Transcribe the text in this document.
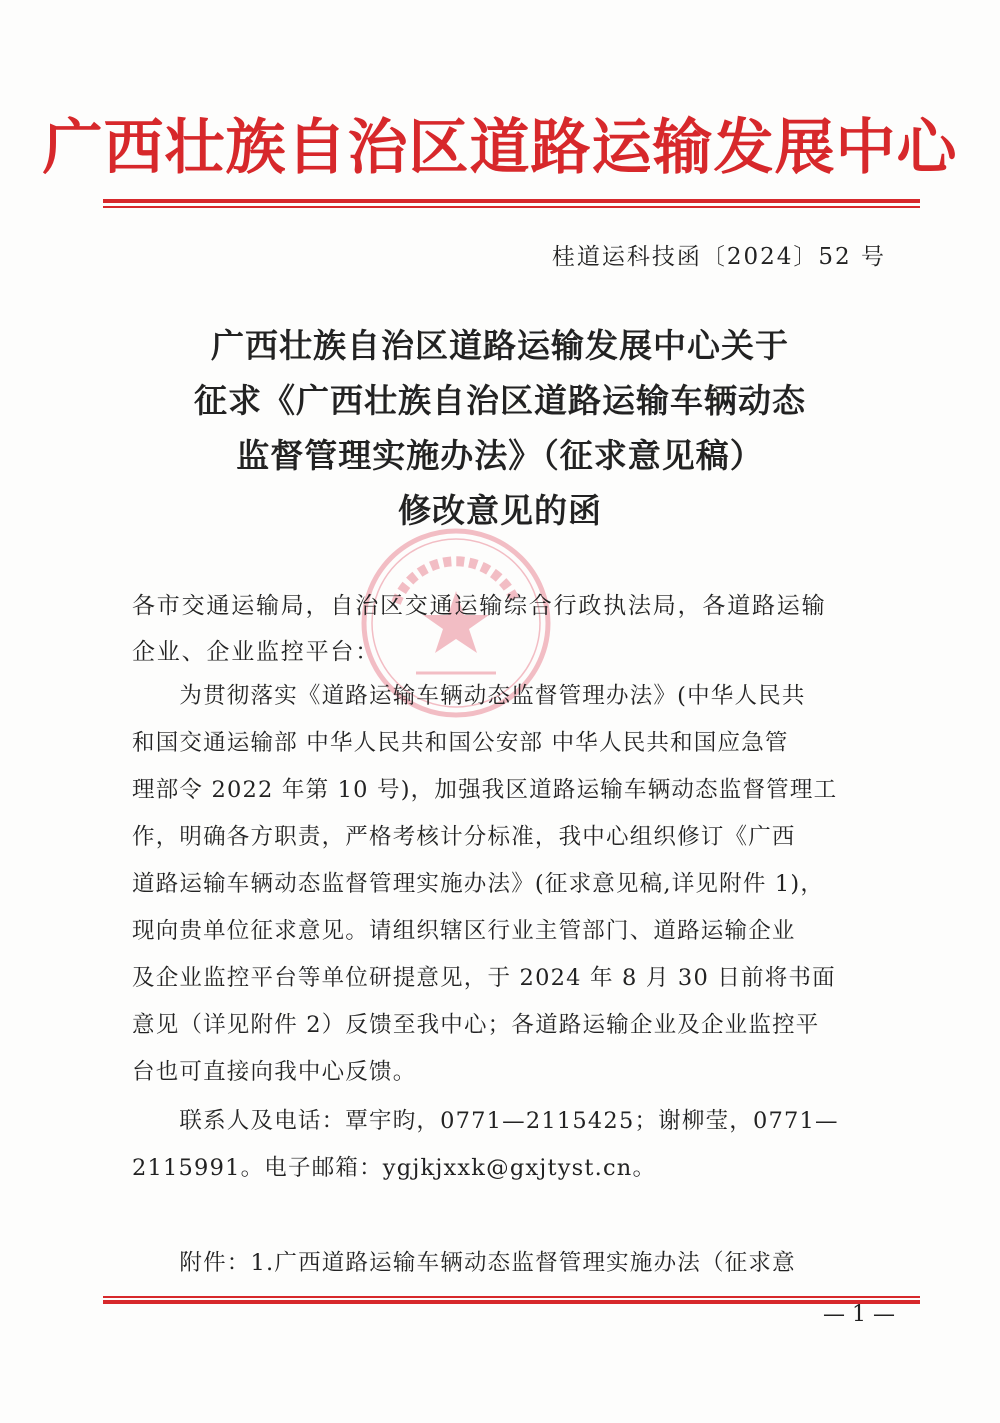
广西壮族自治区道路运输发展中心
桂道运科技函〔2024〕52 号
广西壮族自治区道路运输发展中心关于
征求《广西壮族自治区道路运输车辆动态
监督管理实施办法》（征求意见稿）
修改意见的函
各市交通运输局，自治区交通运输综合行政执法局，各道路运输
企业、企业监控平台：
　　为贯彻落实《道路运输车辆动态监督管理办法》(中华人民共
和国交通运输部 中华人民共和国公安部 中华人民共和国应急管
理部令 2022 年第 10 号)，加强我区道路运输车辆动态监督管理工
作，明确各方职责，严格考核计分标准，我中心组织修订《广西
道路运输车辆动态监督管理实施办法》(征求意见稿,详见附件 1)，
现向贵单位征求意见。请组织辖区行业主管部门、道路运输企业
及企业监控平台等单位研提意见，于 2024 年 8 月 30 日前将书面
意见（详见附件 2）反馈至我中心；各道路运输企业及企业监控平
台也可直接向我中心反馈。
　　联系人及电话：覃宇昀，0771—2115425；谢柳莹，0771—
2115991。电子邮箱：ygjkjxxk@gxjtyst.cn。
　　附件：1.广西道路运输车辆动态监督管理实施办法（征求意
— 1 —
